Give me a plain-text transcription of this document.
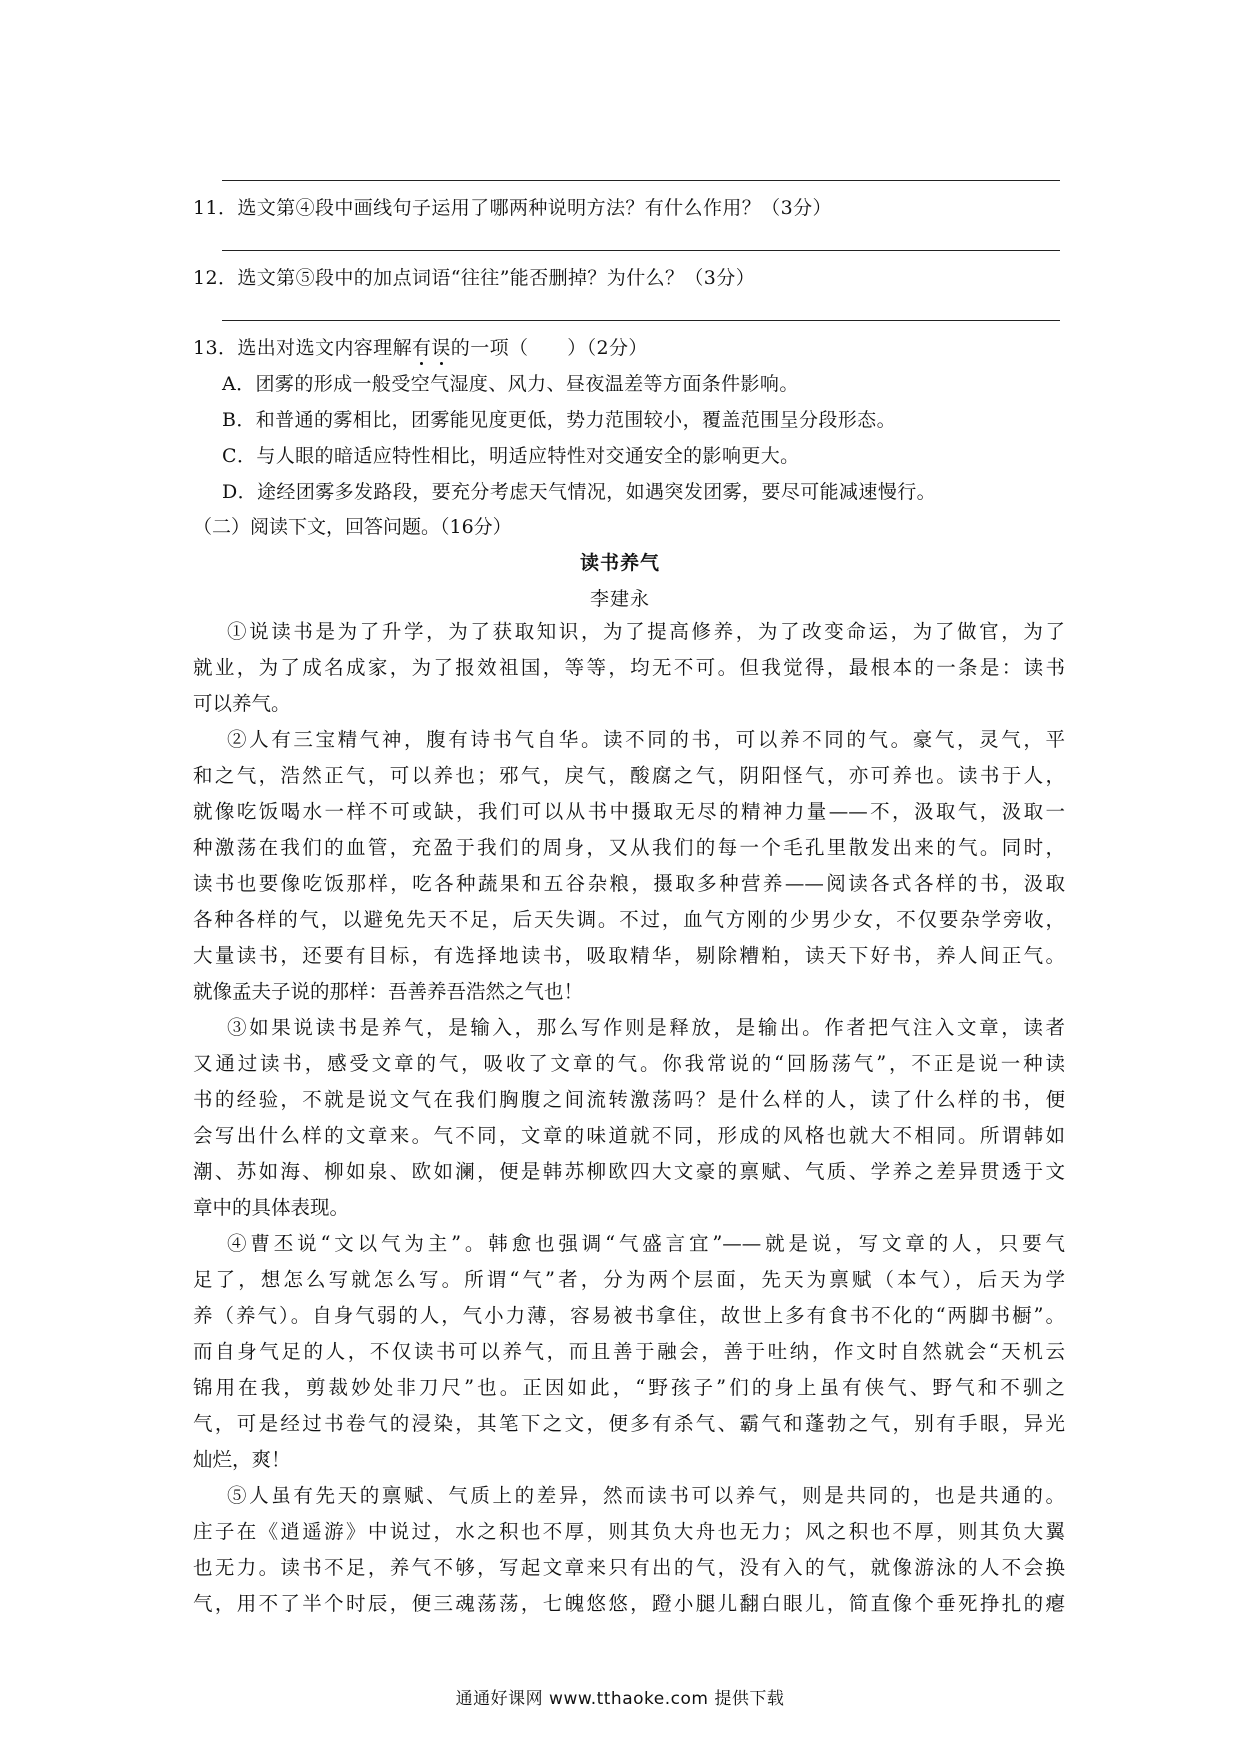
11．选文第④段中画线句子运用了哪两种说明方法？有什么作用？（3分）
12．选文第⑤段中的加点词语“往往”能否删掉？为什么？（3分）
13．选出对选文内容理解有误的一项（　　）（2分）
A．团雾的形成一般受空气湿度、风力、昼夜温差等方面条件影响。
B．和普通的雾相比，团雾能见度更低，势力范围较小，覆盖范围呈分段形态。
C．与人眼的暗适应特性相比，明适应特性对交通安全的影响更大。
D．途经团雾多发路段，要充分考虑天气情况，如遇突发团雾，要尽可能减速慢行。
（二）阅读下文，回答问题。（16分）
读书养气
李建永
①说读书是为了升学，为了获取知识，为了提高修养，为了改变命运，为了做官，为了
就业，为了成名成家，为了报效祖国，等等，均无不可。但我觉得，最根本的一条是：读书
可以养气。
②人有三宝精气神，腹有诗书气自华。读不同的书，可以养不同的气。豪气，灵气，平
和之气，浩然正气，可以养也；邪气，戾气，酸腐之气，阴阳怪气，亦可养也。读书于人，
就像吃饭喝水一样不可或缺，我们可以从书中摄取无尽的精神力量——不，汲取气，汲取一
种激荡在我们的血管，充盈于我们的周身，又从我们的每一个毛孔里散发出来的气。同时，
读书也要像吃饭那样，吃各种蔬果和五谷杂粮，摄取多种营养——阅读各式各样的书，汲取
各种各样的气，以避免先天不足，后天失调。不过，血气方刚的少男少女，不仅要杂学旁收，
大量读书，还要有目标，有选择地读书，吸取精华，剔除糟粕，读天下好书，养人间正气。
就像孟夫子说的那样：吾善养吾浩然之气也！
③如果说读书是养气，是输入，那么写作则是释放，是输出。作者把气注入文章，读者
又通过读书，感受文章的气，吸收了文章的气。你我常说的“回肠荡气”，不正是说一种读
书的经验，不就是说文气在我们胸腹之间流转激荡吗？是什么样的人，读了什么样的书，便
会写出什么样的文章来。气不同，文章的味道就不同，形成的风格也就大不相同。所谓韩如
潮、苏如海、柳如泉、欧如澜，便是韩苏柳欧四大文豪的禀赋、气质、学养之差异贯透于文
章中的具体表现。
④曹丕说“文以气为主”。韩愈也强调“气盛言宜”——就是说，写文章的人，只要气
足了，想怎么写就怎么写。所谓“气”者，分为两个层面，先天为禀赋（本气），后天为学
养（养气）。自身气弱的人，气小力薄，容易被书拿住，故世上多有食书不化的“两脚书橱”。
而自身气足的人，不仅读书可以养气，而且善于融会，善于吐纳，作文时自然就会“天机云
锦用在我，剪裁妙处非刀尺”也。正因如此，“野孩子”们的身上虽有侠气、野气和不驯之
气，可是经过书卷气的浸染，其笔下之文，便多有杀气、霸气和蓬勃之气，别有手眼，异光
灿烂，爽！
⑤人虽有先天的禀赋、气质上的差异，然而读书可以养气，则是共同的，也是共通的。
庄子在《逍遥游》中说过，水之积也不厚，则其负大舟也无力；风之积也不厚，则其负大翼
也无力。读书不足，养气不够，写起文章来只有出的气，没有入的气，就像游泳的人不会换
气，用不了半个时辰，便三魂荡荡，七魄悠悠，蹬小腿儿翻白眼儿，简直像个垂死挣扎的瘪
通通好课网 www.tthaoke.com 提供下载
